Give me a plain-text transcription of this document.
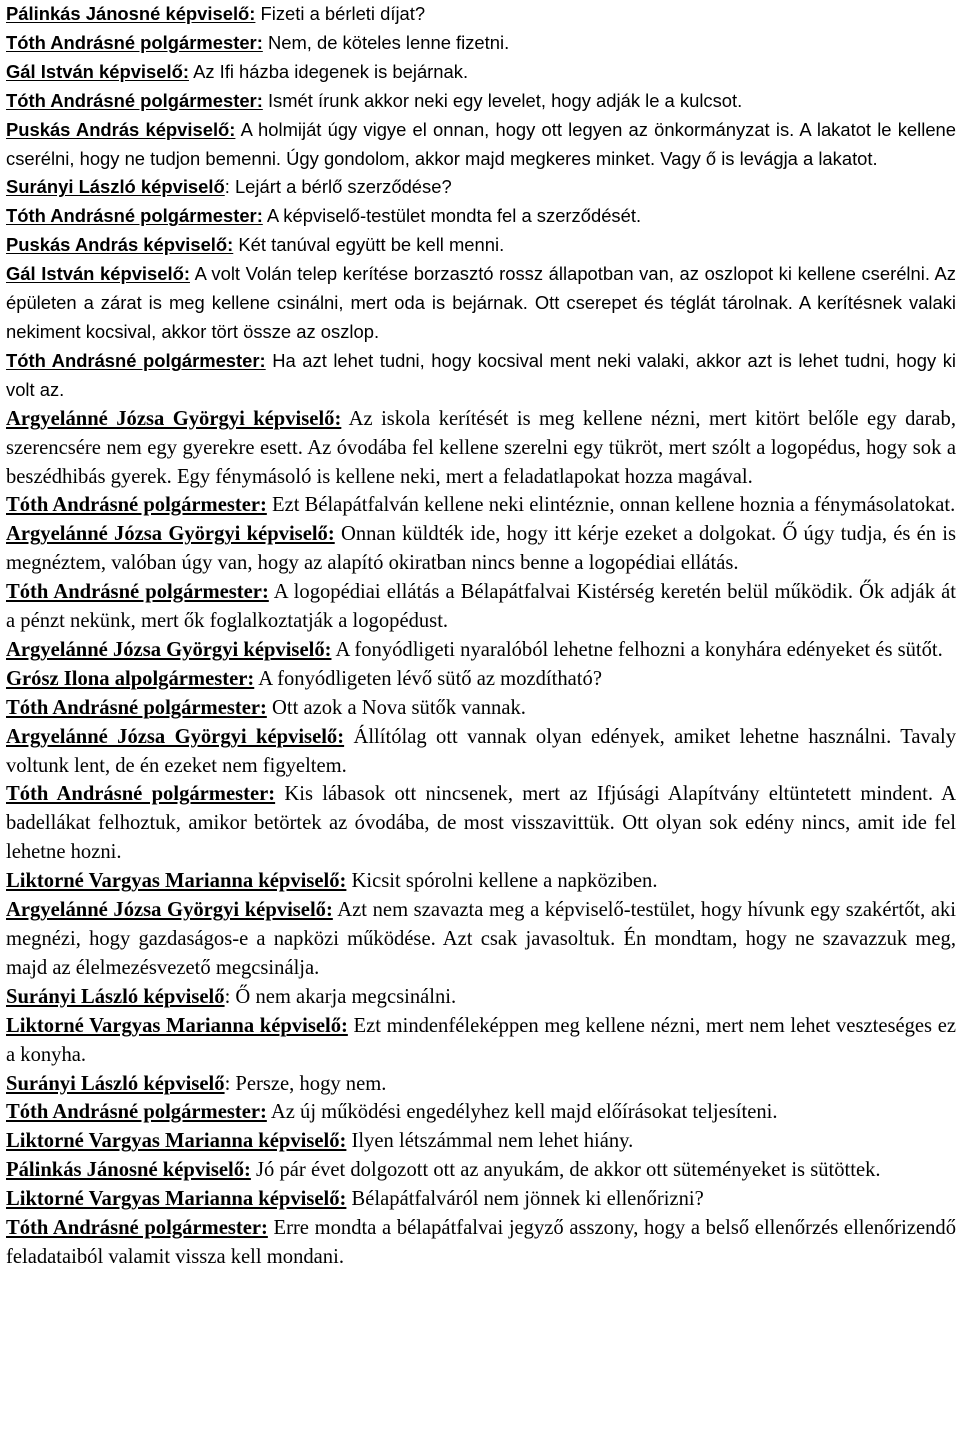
Pálinkás Jánosné képviselő: Fizeti a bérleti díjat?

Tóth Andrásné polgármester: Nem, de köteles lenne fizetni.

Gál István képviselő: Az Ifi házba idegenek is bejárnak.

Tóth Andrásné polgármester: Ismét írunk akkor neki egy levelet, hogy adják le a kulcsot.

Puskás András képviselő: A holmiját úgy vigye el onnan, hogy ott legyen az önkormányzat is. A lakatot le kellene cserélni, hogy ne tudjon bemenni. Úgy gondolom, akkor majd megkeres minket. Vagy ő is levágja a lakatot.

Surányi László képviselő: Lejárt a bérlő szerződése?

Tóth Andrásné polgármester: A képviselő-testület mondta fel a szerződését.

Puskás András képviselő: Két tanúval együtt be kell menni.

Gál István képviselő: A volt Volán telep kerítése borzasztó rossz állapotban van, az oszlopot ki kellene cserélni. Az épületen a zárat is meg kellene csinálni, mert oda is bejárnak. Ott cserepet és téglát tárolnak. A kerítésnek valaki nekiment kocsival, akkor tört össze az oszlop.

Tóth Andrásné polgármester: Ha azt lehet tudni, hogy kocsival ment neki valaki, akkor azt is lehet tudni, hogy ki volt az.

Argyelánné Józsa Györgyi képviselő: Az iskola kerítését is meg kellene nézni, mert kitört belőle egy darab, szerencsére nem egy gyerekre esett. Az óvodába fel kellene szerelni egy tükröt, mert szólt a logopédus, hogy sok a beszédhibás gyerek. Egy fénymásoló is kellene neki, mert a feladatlapokat hozza magával.

Tóth Andrásné polgármester: Ezt Bélapátfalván kellene neki elintéznie, onnan kellene hoznia a fénymásolatokat.

Argyelánné Józsa Györgyi képviselő: Onnan küldték ide, hogy itt kérje ezeket a dolgokat. Ő úgy tudja, és én is megnéztem, valóban úgy van, hogy az alapító okiratban nincs benne a logopédiai ellátás.

Tóth Andrásné polgármester: A logopédiai ellátás a Bélapátfalvai Kistérség keretén belül működik. Ők adják át a pénzt nekünk, mert ők foglalkoztatják a logopédust.

Argyelánné Józsa Györgyi képviselő: A fonyódligeti nyaralóból lehetne felhozni a konyhára edényeket és sütőt.

Grósz Ilona alpolgármester: A fonyódligeten lévő sütő az mozdítható?

Tóth Andrásné polgármester: Ott azok a Nova sütők vannak.

Argyelánné Józsa Györgyi képviselő: Állítólag ott vannak olyan edények, amiket lehetne használni. Tavaly voltunk lent, de én ezeket nem figyeltem.

Tóth Andrásné polgármester: Kis lábasok ott nincsenek, mert az Ifjúsági Alapítvány eltüntetett mindent. A badellákat felhoztuk, amikor betörtek az óvodába, de most visszavittük. Ott olyan sok edény nincs, amit ide fel lehetne hozni.

Liktorné Vargyas Marianna képviselő: Kicsit spórolni kellene a napköziben.

Argyelánné Józsa Györgyi képviselő: Azt nem szavazta meg a képviselő-testület, hogy hívunk egy szakértőt, aki megnézi, hogy gazdaságos-e a napközi működése. Azt csak javasoltuk. Én mondtam, hogy ne szavazzuk meg, majd az élelmezésvezető megcsinálja.

Surányi László képviselő: Ő nem akarja megcsinálni.

Liktorné Vargyas Marianna képviselő: Ezt mindenféleképpen meg kellene nézni, mert nem lehet veszteséges ez a konyha.

Surányi László képviselő: Persze, hogy nem.

Tóth Andrásné polgármester: Az új működési engedélyhez kell majd előírásokat teljesíteni.

Liktorné Vargyas Marianna képviselő: Ilyen létszámmal nem lehet hiány.

Pálinkás Jánosné képviselő: Jó pár évet dolgozott ott az anyukám, de akkor ott süteményeket is sütöttek.

Liktorné Vargyas Marianna képviselő: Bélapátfalváról nem jönnek ki ellenőrizni?

Tóth Andrásné polgármester: Erre mondta a bélapátfalvai jegyző asszony, hogy a belső ellenőrzés ellenőrizendő feladataiból valamit vissza kell mondani.
